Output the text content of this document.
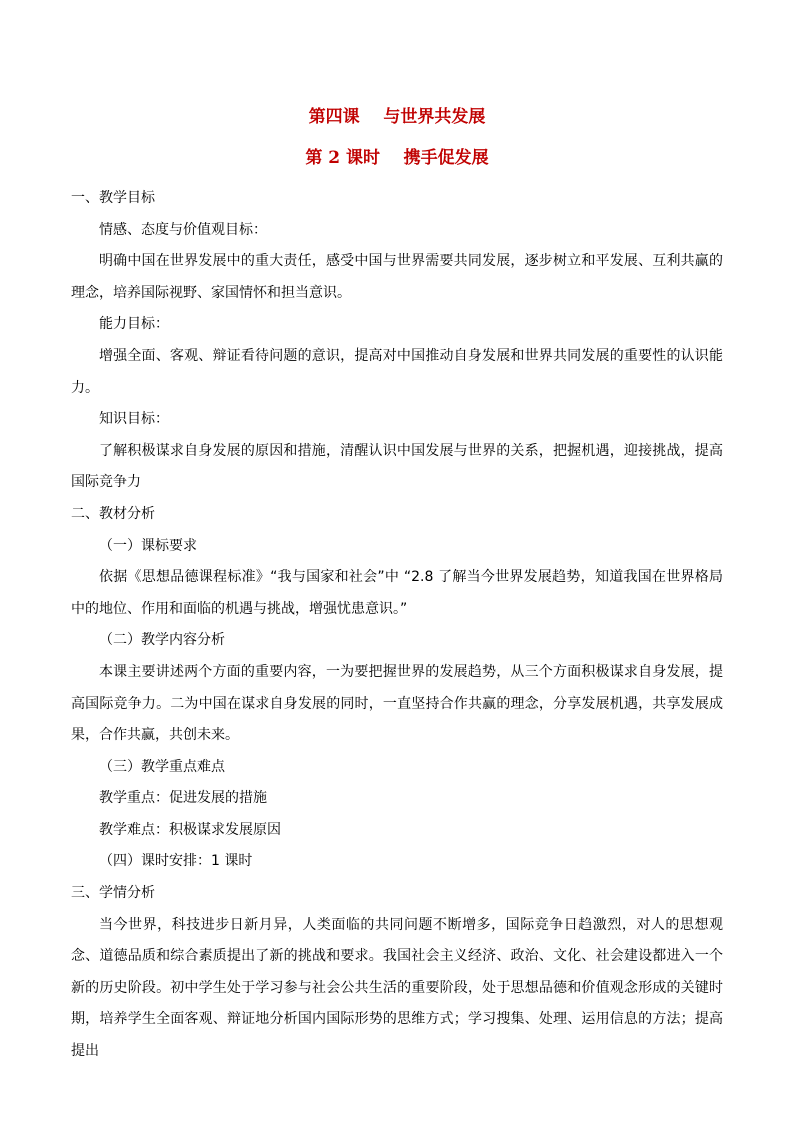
第四课    与世界共发展
第 2 课时    携手促发展

一、教学目标

情感、态度与价值观目标：

明确中国在世界发展中的重大责任，感受中国与世界需要共同发展，逐步树立和平发展、互利共赢的理念，培养国际视野、家国情怀和担当意识。

能力目标：

增强全面、客观、辩证看待问题的意识，提高对中国推动自身发展和世界共同发展的重要性的认识能力。

知识目标：

了解积极谋求自身发展的原因和措施，清醒认识中国发展与世界的关系，把握机遇，迎接挑战，提高国际竞争力

二、教材分析

（一）课标要求

依据《思想品德课程标准》“我与国家和社会”中 “2.8 了解当今世界发展趋势，知道我国在世界格局中的地位、作用和面临的机遇与挑战，增强忧患意识。”

（二）教学内容分析

本课主要讲述两个方面的重要内容，一为要把握世界的发展趋势，从三个方面积极谋求自身发展，提高国际竞争力。二为中国在谋求自身发展的同时，一直坚持合作共赢的理念，分享发展机遇，共享发展成果，合作共赢，共创未来。

（三）教学重点难点

教学重点：促进发展的措施

教学难点：积极谋求发展原因

（四）课时安排：1 课时

三、学情分析

当今世界，科技进步日新月异，人类面临的共同问题不断增多，国际竞争日趋激烈，对人的思想观念、道德品质和综合素质提出了新的挑战和要求。我国社会主义经济、政治、文化、社会建设都进入一个新的历史阶段。初中学生处于学习参与社会公共生活的重要阶段，处于思想品德和价值观念形成的关键时期，培养学生全面客观、辩证地分析国内国际形势的思维方式；学习搜集、处理、运用信息的方法；提高提出
